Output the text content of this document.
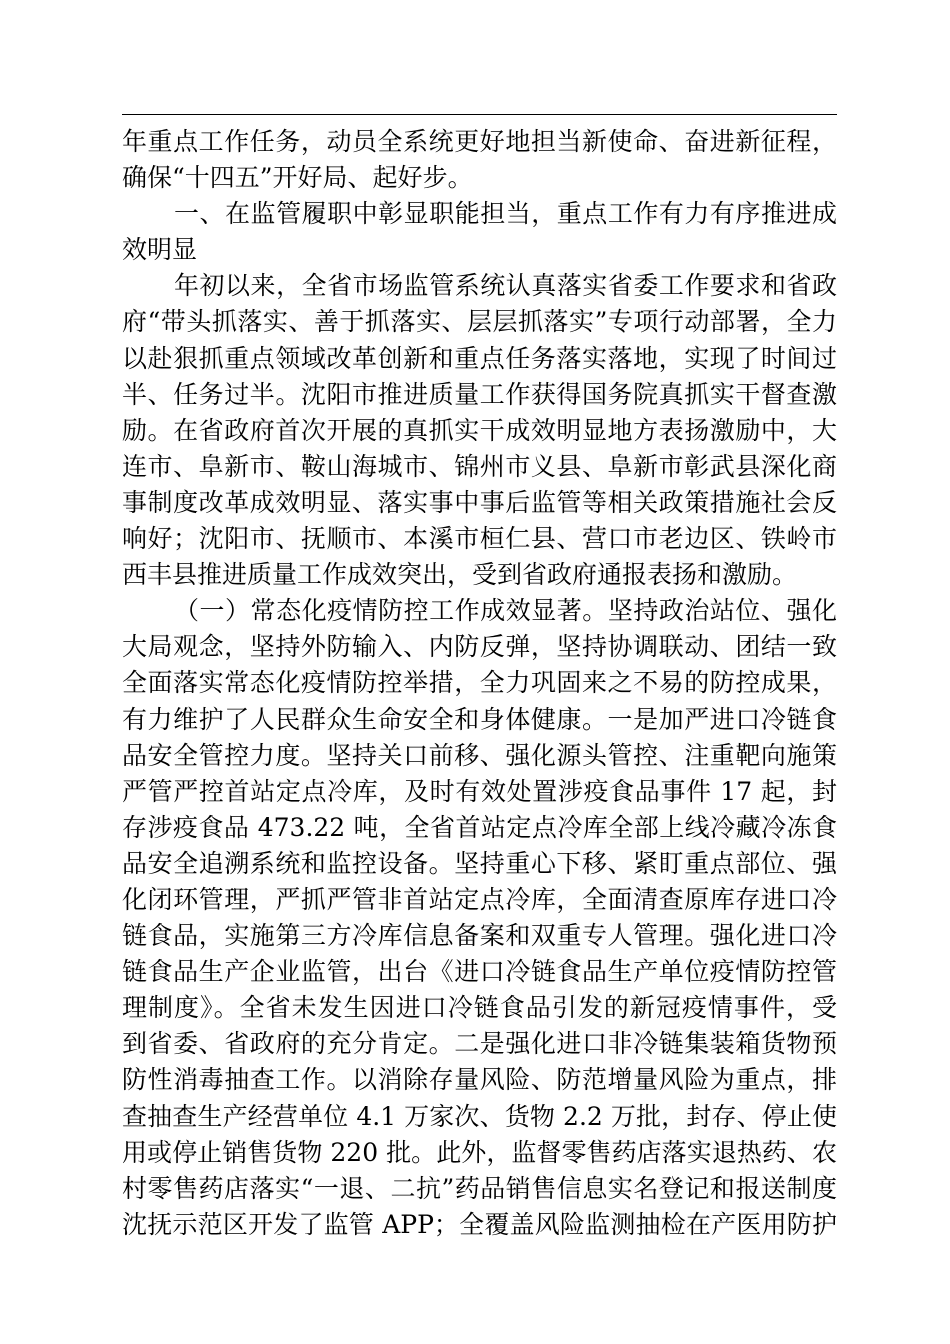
年重点工作任务，动员全系统更好地担当新使命、奋进新征程，
确保“十四五”开好局、起好步。
一、在监管履职中彰显职能担当，重点工作有力有序推进成
效明显
年初以来，全省市场监管系统认真落实省委工作要求和省政
府“带头抓落实、善于抓落实、层层抓落实”专项行动部署，全力
以赴狠抓重点领域改革创新和重点任务落实落地，实现了时间过
半、任务过半。沈阳市推进质量工作获得国务院真抓实干督查激
励。在省政府首次开展的真抓实干成效明显地方表扬激励中，大
连市、阜新市、鞍山海城市、锦州市义县、阜新市彰武县深化商
事制度改革成效明显、落实事中事后监管等相关政策措施社会反
响好；沈阳市、抚顺市、本溪市桓仁县、营口市老边区、铁岭市
西丰县推进质量工作成效突出，受到省政府通报表扬和激励。
（一）常态化疫情防控工作成效显著。坚持政治站位、强化
大局观念，坚持外防输入、内防反弹，坚持协调联动、团结一致
全面落实常态化疫情防控举措，全力巩固来之不易的防控成果，
有力维护了人民群众生命安全和身体健康。一是加严进口冷链食
品安全管控力度。坚持关口前移、强化源头管控、注重靶向施策
严管严控首站定点冷库，及时有效处置涉疫食品事件 17 起，封
存涉疫食品 473.22 吨，全省首站定点冷库全部上线冷藏冷冻食
品安全追溯系统和监控设备。坚持重心下移、紧盯重点部位、强
化闭环管理，严抓严管非首站定点冷库，全面清查原库存进口冷
链食品，实施第三方冷库信息备案和双重专人管理。强化进口冷
链食品生产企业监管，出台《进口冷链食品生产单位疫情防控管
理制度》。全省未发生因进口冷链食品引发的新冠疫情事件，受
到省委、省政府的充分肯定。二是强化进口非冷链集装箱货物预
防性消毒抽查工作。以消除存量风险、防范增量风险为重点，排
查抽查生产经营单位 4.1 万家次、货物 2.2 万批，封存、停止使
用或停止销售货物 220 批。此外，监督零售药店落实退热药、农
村零售药店落实“一退、二抗”药品销售信息实名登记和报送制度
沈抚示范区开发了监管 APP；全覆盖风险监测抽检在产医用防护
